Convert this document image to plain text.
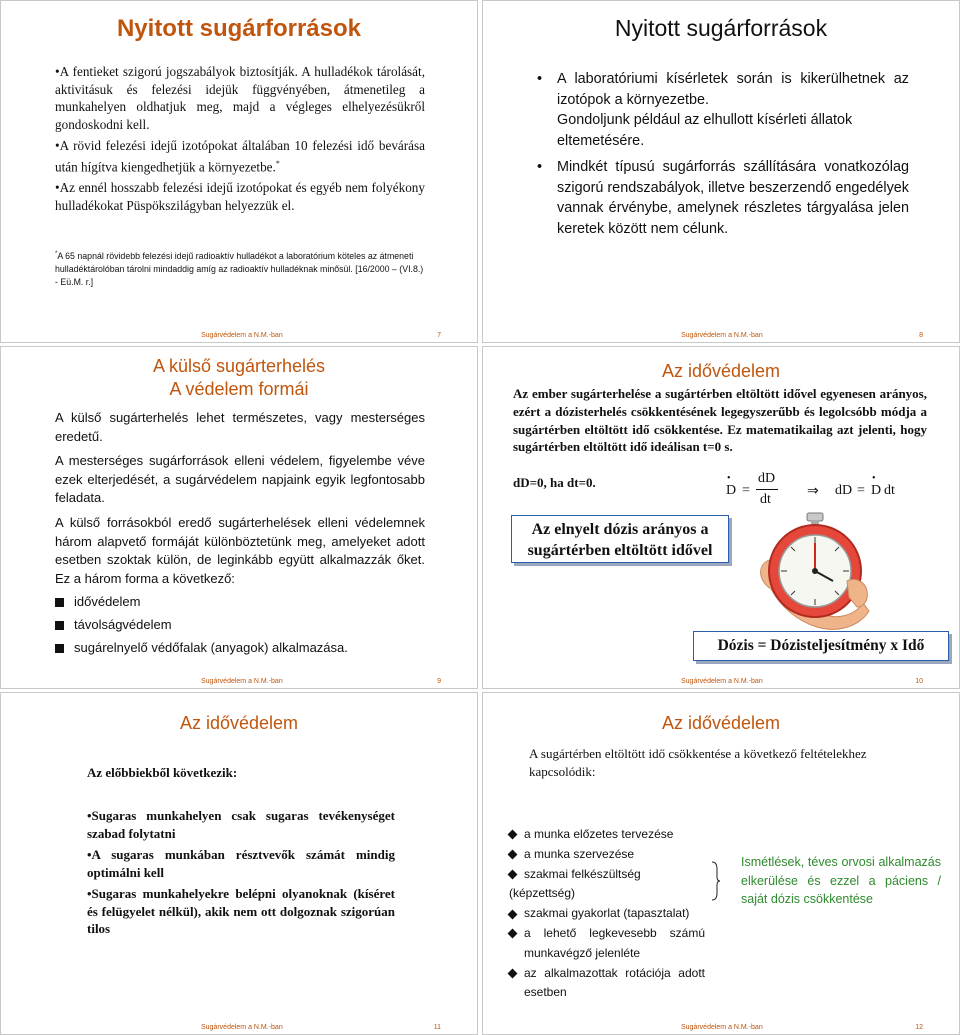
Nyitott sugárforrások

•A fentieket szigorú jogszabályok biztosítják. A hulladékok tárolását, aktivitásuk és felezési idejük függvényében, átmenetileg a munkahelyen oldhatjuk meg, majd a végleges elhelyezésükről gondoskodni kell.

•A rövid felezési idejű izotópokat általában 10 felezési idő bevárása után hígítva kiengedhetjük a környezetbe.*

•Az ennél hosszabb felezési idejű izotópokat és egyéb nem folyékony hulladékokat Püspökszilágyban helyezzük el.

*A 65 napnál rövidebb felezési idejű radioaktív hulladékot a laboratórium köteles az átmeneti hulladéktárolóban tárolni mindaddig amíg az radioaktív hulladéknak minősül. [16/2000 – (VI.8.) - Eü.M. r.]
Sugárvédelem a N.M.-ban	7
Nyitott sugárforrások
• A laboratóriumi kísérletek során is kikerülhetnek az izotópok a környezetbe.

Gondoljunk például az elhullott kísérleti állatok eltemetésére.

• Mindkét típusú sugárforrás szállítására vonatkozólag szigorú rendszabályok, illetve beszerzendő engedélyek vannak érvénybe, amelynek részletes tárgyalása jelen keretek között nem célunk.

Sugárvédelem a N.M.-ban	8
A külső sugárterhelés
A védelem formái

A külső sugárterhelés lehet természetes, vagy mesterséges eredetű.

A mesterséges sugárforrások elleni védelem, figyelembe véve ezek elterjedését, a sugárvédelem napjaink egyik legfontosabb feladata.

A külső forrásokból eredő sugárterhelések elleni védelemnek három alapvető formáját különböztetünk meg, amelyeket adott esetben szoktak külön, de leginkább együtt alkalmazzák őket. Ez a három forma a következő:

idővédelem
távolságvédelem
sugárelnyelő védőfalak (anyagok) alkalmazása.
Sugárvédelem a N.M.-ban	9
Az idővédelem
Az ember sugárterhelése a sugártérben eltöltött idővel egyenesen arányos, ezért a dózisterhelés csökkentésének legegyszerűbb és legolcsóbb módja a sugártérben eltöltött idő csökkentése. Ez matematikailag azt jelenti, hogy sugártérben eltöltött idő ideálisan t=0 s.
dD=0, ha dt=0.	•
D =
dD
dt
⇒ dD =
•
D dt
Az elnyelt dózis arányos a
sugártérben eltöltött idővel
Dózis = Dózisteljesítmény x Idő
Sugárvédelem a N.M.-ban	10
Az idővédelem
Az előbbiekből következik:

•Sugaras munkahelyen csak sugaras tevékenységet szabad folytatni

•A sugaras munkában résztvevők számát mindig optimálni kell

•Sugaras munkahelyekre belépni olyanoknak (kíséret és felügyelet nélkül), akik nem ott dolgoznak szigorúan tilos

Sugárvédelem a N.M.-ban	11
Az idővédelem
A sugártérben eltöltött idő csökkentése a következő feltételekhez kapcsolódik:
a munka előzetes tervezése
a munka szervezése
szakmai felkészültség (képzettség)
szakmai gyakorlat (tapasztalat)
a lehető legkevesebb számú munkavégző jelenléte
az alkalmazottak rotációja adott esetben
Ismétlések, téves orvosi alkalmazás elkerülése és ezzel a páciens / saját dózis csökkentése
Sugárvédelem a N.M.-ban	12
